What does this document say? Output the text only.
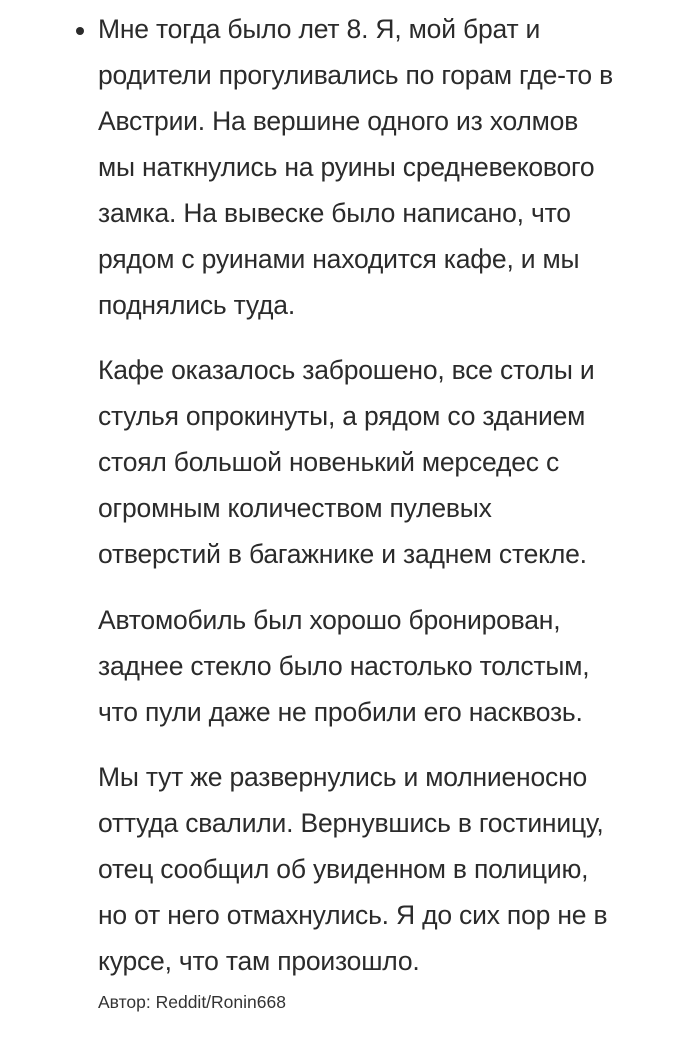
Мне тогда было лет 8. Я, мой брат и
родители прогуливались по горам где-то в
Австрии. На вершине одного из холмов
мы наткнулись на руины средневекового
замка. На вывеске было написано, что
рядом с руинами находится кафе, и мы
поднялись туда.

Кафе оказалось заброшено, все столы и
стулья опрокинуты, а рядом со зданием
стоял большой новенький мерседес с
огромным количеством пулевых
отверстий в багажнике и заднем стекле.

Автомобиль был хорошо бронирован,
заднее стекло было настолько толстым,
что пули даже не пробили его насквозь.

Мы тут же развернулись и молниеносно
оттуда свалили. Вернувшись в гостиницу,
отец сообщил об увиденном в полицию,
но от него отмахнулись. Я до сих пор не в
курсе, что там произошло.

Автор: Reddit/Ronin668
